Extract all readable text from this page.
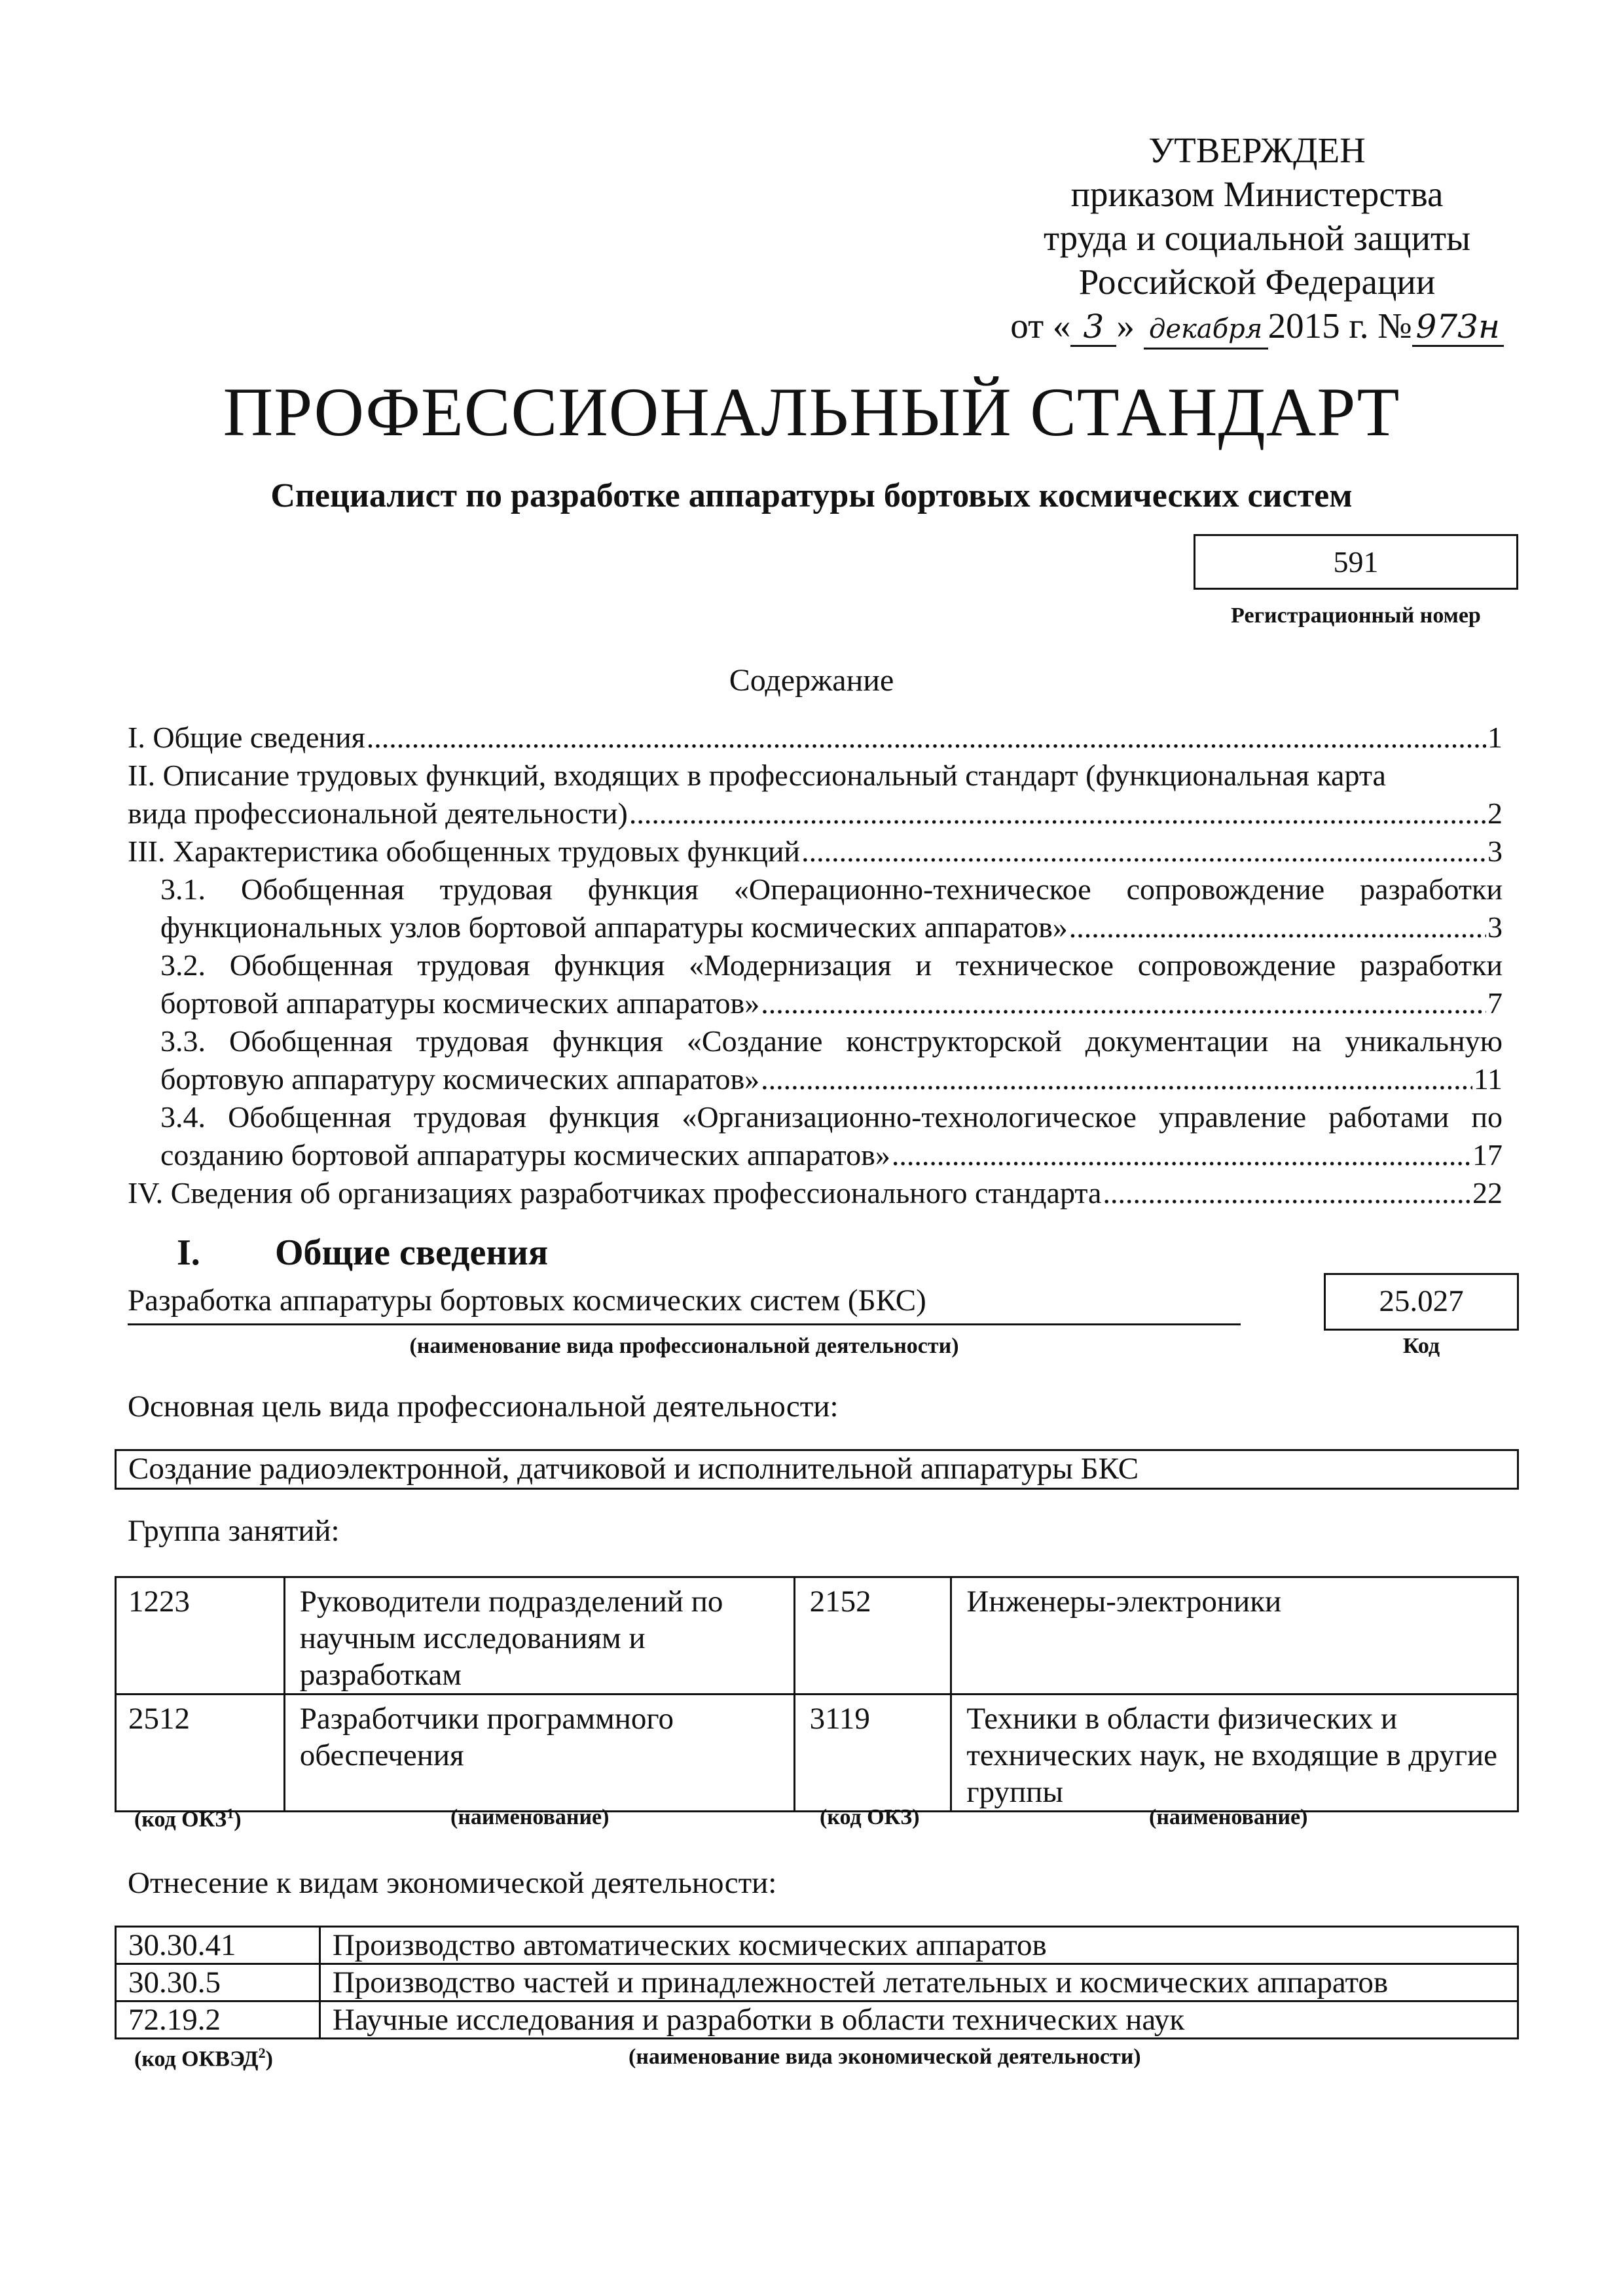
УТВЕРЖДЕН
приказом Министерства
труда и социальной защиты
Российской Федерации
от « 3 » декабря 2015 г. № 973н
ПРОФЕССИОНАЛЬНЫЙ СТАНДАРТ
Специалист по разработке аппаратуры бортовых космических систем
591
Регистрационный номер
Содержание
I. Общие сведения .....	1
II. Описание трудовых функций, входящих в профессиональный стандарт (функциональная карта
вида профессиональной деятельности) .....	2
III. Характеристика обобщенных трудовых функций .....	3
3.1. Обобщенная трудовая функция «Операционно-техническое сопровождение разработки
функциональных узлов бортовой аппаратуры космических аппаратов» .....	3
3.2. Обобщенная трудовая функция «Модернизация и техническое сопровождение разработки
бортовой аппаратуры космических аппаратов» .....	7
3.3. Обобщенная трудовая функция «Создание конструкторской документации на уникальную
бортовую аппаратуру космических аппаратов» .....	11
3.4. Обобщенная трудовая функция «Организационно-технологическое управление работами по
созданию бортовой аппаратуры космических аппаратов» .....	17
IV. Сведения об организациях разработчиках профессионального стандарта .....	22
I. Общие сведения
Разработка аппаратуры бортовых космических систем (БКС)
(наименование вида профессиональной деятельности)
25.027
Код
Основная цель вида профессиональной деятельности:
Создание радиоэлектронной, датчиковой и исполнительной аппаратуры БКС
Группа занятий:
1223	Руководители подразделений по научным исследованиям и разработкам	2152	Инженеры-электроники
2512	Разработчики программного обеспечения	3119	Техники в области физических и технических наук, не входящие в другие группы
(код ОКЗ$^1$)	(наименование)	(код ОКЗ)	(наименование)
Отнесение к видам экономической деятельности:
30.30.41	Производство автоматических космических аппаратов
30.30.5	Производство частей и принадлежностей летательных и космических аппаратов
72.19.2	Научные исследования и разработки в области технических наук
(код ОКВЭД$^2$)	(наименование вида экономической деятельности)
